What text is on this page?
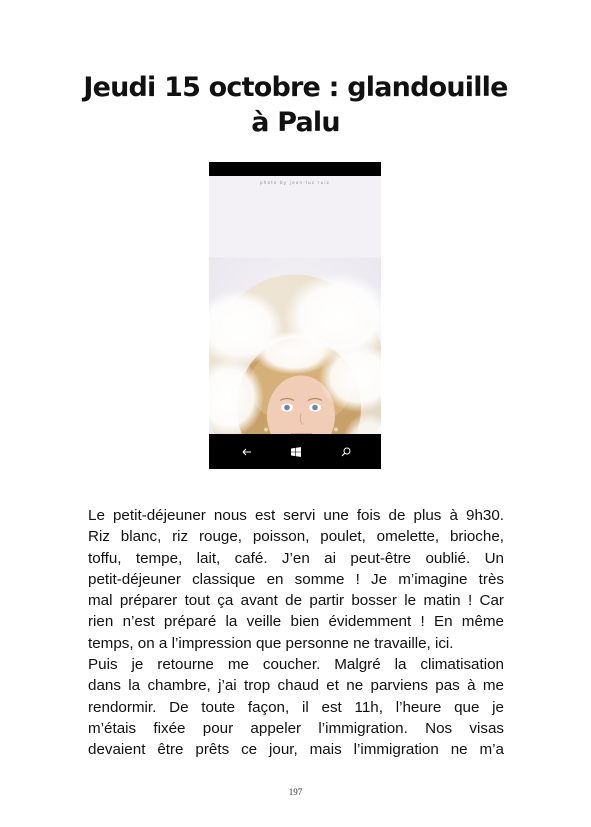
Jeudi 15 octobre : glandouille
à Palu
photo by jean-luc ruiz
Le petit-déjeuner nous est servi une fois de plus à 9h30.
Riz blanc, riz rouge, poisson, poulet, omelette, brioche,
toffu, tempe, lait, café. J’en ai peut-être oublié. Un
petit-déjeuner classique en somme ! Je m’imagine très
mal préparer tout ça avant de partir bosser le matin ! Car
rien n’est préparé la veille bien évidemment ! En même
temps, on a l’impression que personne ne travaille, ici.
Puis je retourne me coucher. Malgré la climatisation
dans la chambre, j’ai trop chaud et ne parviens pas à me
rendormir. De toute façon, il est 11h, l’heure que je
m’étais fixée pour appeler l’immigration. Nos visas
devaient être prêts ce jour, mais l’immigration ne m’a
197
